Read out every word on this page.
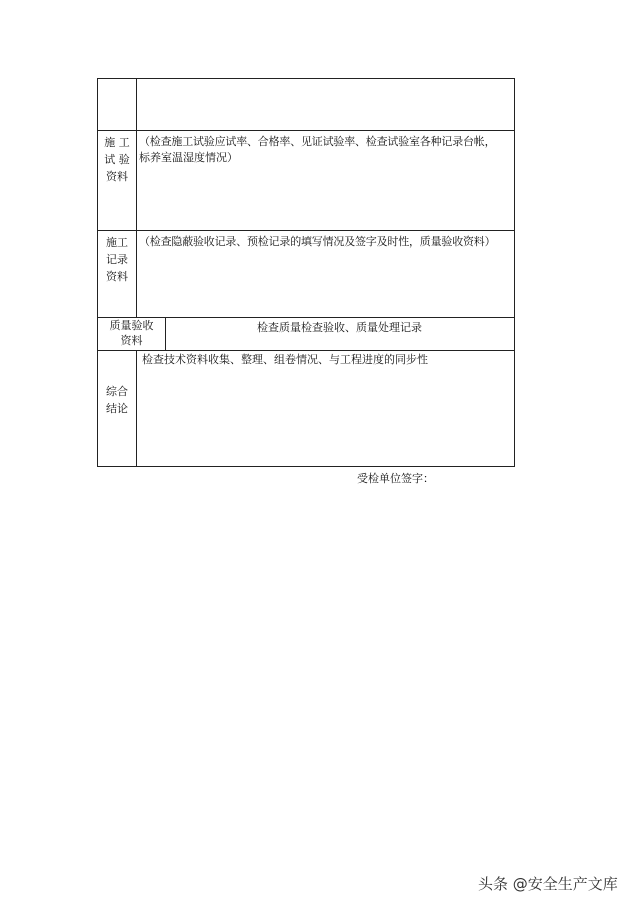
施 工
试 验
资料
（检查施工试验应试率、合格率、见证试验率、检查试验室各种记录台帐，
标养室温湿度情况）
施工
记录
资料
（检查隐蔽验收记录、预检记录的填写情况及签字及时性，质量验收资料）
质量验收
资料
检查质量检查验收、质量处理记录
综合
结论
检查技术资料收集、整理、组卷情况、与工程进度的同步性
受检单位签字：
头条 @安全生产文库
